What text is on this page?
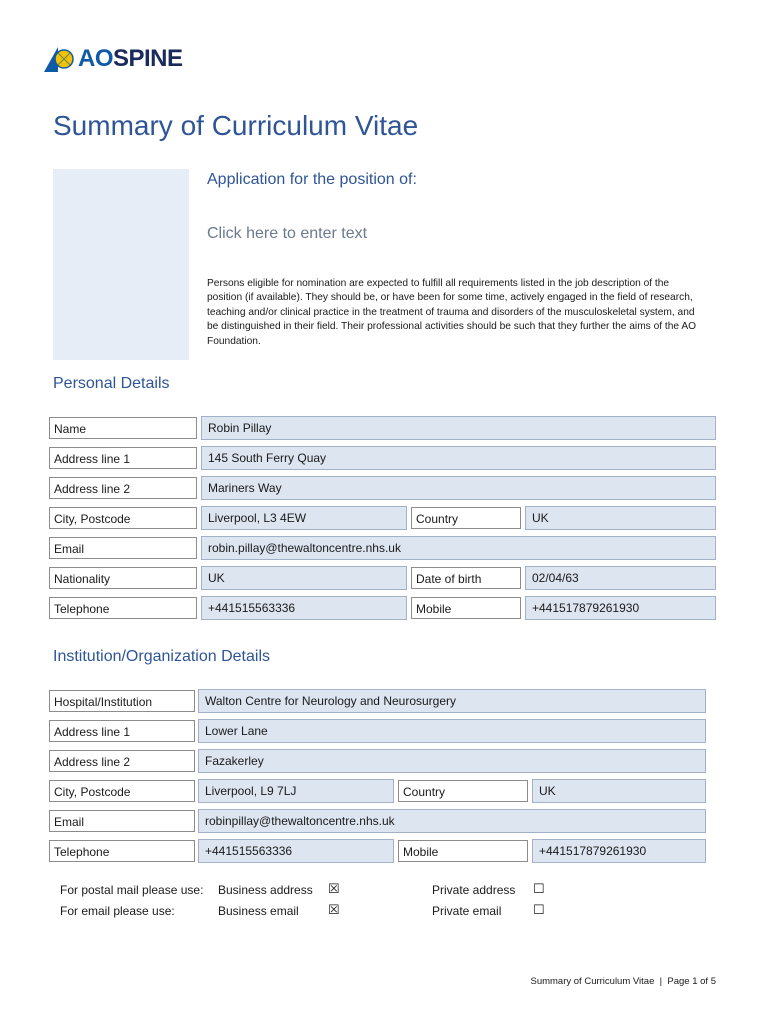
AOSPINE
Summary of Curriculum Vitae
Application for the position of:
Click here to enter text
Persons eligible for nomination are expected to fulfill all requirements listed in the job description of the position (if available). They should be, or have been for some time, actively engaged in the field of research, teaching and/or clinical practice in the treatment of trauma and disorders of the musculoskeletal system, and be distinguished in their field. Their professional activities should be such that they further the aims of the AO Foundation.
Personal Details
Name	Robin Pillay
Address line 1	145 South Ferry Quay
Address line 2	Mariners Way
City, Postcode	Liverpool, L3 4EW	Country	UK
Email	robin.pillay@thewaltoncentre.nhs.uk
Nationality	UK	Date of birth	02/04/63
Telephone	+441515563336	Mobile	+441517879261930
Institution/Organization Details
Hospital/Institution	Walton Centre for Neurology and Neurosurgery
Address line 1	Lower Lane
Address line 2	Fazakerley
City, Postcode	Liverpool, L9 7LJ	Country	UK
Email	robinpillay@thewaltoncentre.nhs.uk
Telephone	+441515563336	Mobile	+441517879261930
For postal mail please use: Business address ☒	Private address ☐
For email please use:	Business email ☒	Private email ☐
Summary of Curriculum Vitae  |  Page 1 of 5
